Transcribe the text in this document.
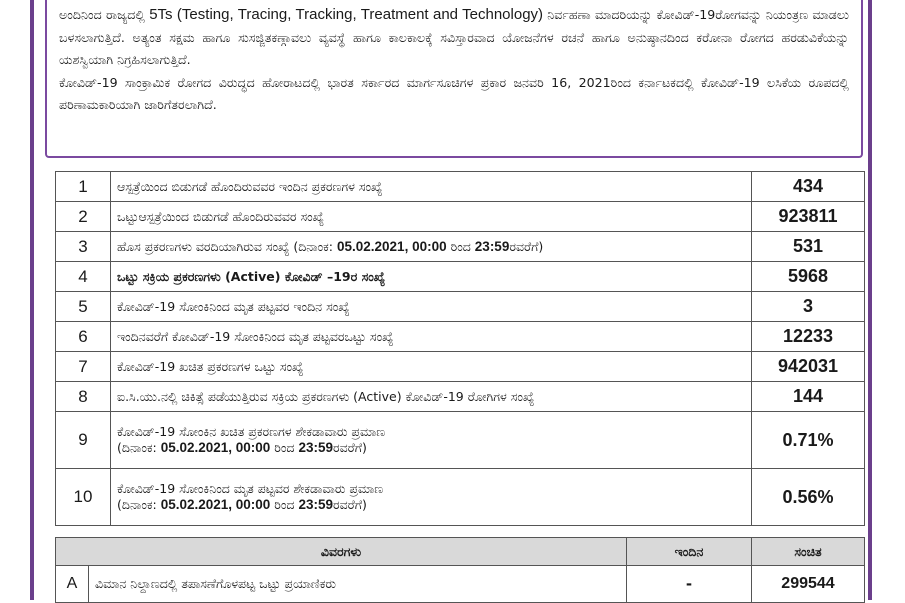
ಅಂದಿನಿಂದ ರಾಜ್ಯದಲ್ಲಿ 5Ts (Testing, Tracing, Tracking, Treatment and Technology) ನಿರ್ವಹಣಾ ಮಾದರಿಯನ್ನು ಕೋವಿಡ್-19ರೋಗವನ್ನು ನಿಯಂತ್ರಣ ಮಾಡಲು ಬಳಸಲಾಗುತ್ತಿದೆ. ಅತ್ಯಂತ ಸಕ್ಷಮ ಹಾಗೂ ಸುಸಜ್ಜಿತಕಣ್ಗಾವಲು ವ್ಯವಸ್ಥೆ ಹಾಗೂ ಕಾಲಕಾಲಕ್ಕೆ ಸವಿಸ್ತಾರವಾದ ಯೋಜನೆಗಳ ರಚನೆ ಹಾಗೂ ಅನುಷ್ಠಾನದಿಂದ ಕರೋನಾ ರೋಗದ ಹರಡುವಿಕೆಯನ್ನು ಯಶಸ್ವಿಯಾಗಿ ನಿಗ್ರಹಿಸಲಾಗುತ್ತಿದೆ.

ಕೋವಿಡ್-19 ಸಾಂಕ್ರಾಮಿಕ ರೋಗದ ವಿರುದ್ಧದ ಹೋರಾಟದಲ್ಲಿ ಭಾರತ ಸರ್ಕಾರದ ಮಾರ್ಗಸೂಚಿಗಳ ಪ್ರಕಾರ ಜನವರಿ 16, 2021ರಿಂದ ಕರ್ನಾಟಕದಲ್ಲಿ ಕೋವಿಡ್-19 ಲಸಿಕೆಯ ರೂಪದಲ್ಲಿ ಪರಿಣಾಮಕಾರಿಯಾಗಿ ಜಾರಿಗೆತರಲಾಗಿದೆ.

1	ಆಸ್ಪತ್ರೆಯಿಂದ ಬಿಡುಗಡೆ ಹೊಂದಿರುವವರ ಇಂದಿನ ಪ್ರಕರಣಗಳ ಸಂಖ್ಯೆ	434
2	ಒಟ್ಟುಆಸ್ಪತ್ರೆಯಿಂದ ಬಿಡುಗಡೆ ಹೊಂದಿರುವವರ ಸಂಖ್ಯೆ	923811
3	ಹೊಸ ಪ್ರಕರಣಗಳು ವರದಿಯಾಗಿರುವ ಸಂಖ್ಯೆ (ದಿನಾಂಕ: 05.02.2021, 00:00 ರಿಂದ 23:59ರವರೆಗೆ)	531
4	ಒಟ್ಟು ಸಕ್ರಿಯ ಪ್ರಕರಣಗಳು (Active) ಕೋವಿಡ್ –19ರ ಸಂಖ್ಯೆ	5968
5	ಕೋವಿಡ್-19 ಸೋಂಕಿನಿಂದ ಮೃತ ಪಟ್ಟವರ ಇಂದಿನ ಸಂಖ್ಯೆ	3
6	ಇಂದಿನವರೆಗೆ ಕೋವಿಡ್-19 ಸೋಂಕಿನಿಂದ ಮೃತ ಪಟ್ಟವರಒಟ್ಟು ಸಂಖ್ಯೆ	12233
7	ಕೋವಿಡ್-19 ಖಚಿತ ಪ್ರಕರಣಗಳ ಒಟ್ಟು ಸಂಖ್ಯೆ	942031
8	ಐ.ಸಿ.ಯು.ನಲ್ಲಿ ಚಿಕಿತ್ಸೆ ಪಡೆಯುತ್ತಿರುವ ಸಕ್ರಿಯ ಪ್ರಕರಣಗಳು (Active) ಕೋವಿಡ್-19 ರೋಗಿಗಳ ಸಂಖ್ಯೆ	144
9	ಕೋವಿಡ್-19 ಸೋಂಕಿನ ಖಚಿತ ಪ್ರಕರಣಗಳ ಶೇಕಡಾವಾರು ಪ್ರಮಾಣ
(ದಿನಾಂಕ: 05.02.2021, 00:00 ರಿಂದ 23:59ರವರೆಗೆ)	0.71%
10	ಕೋವಿಡ್-19 ಸೋಂಕಿನಿಂದ ಮೃತ ಪಟ್ಟವರ ಶೇಕಡಾವಾರು ಪ್ರಮಾಣ
(ದಿನಾಂಕ: 05.02.2021, 00:00 ರಿಂದ 23:59ರವರೆಗೆ)	0.56%
ವಿವರಗಳು		ಇಂದಿನ	ಸಂಚಿತ
A	ವಿಮಾನ ನಿಲ್ದಾಣದಲ್ಲಿ ತಪಾಸಣೆಗೊಳಪಟ್ಟ ಒಟ್ಟು ಪ್ರಯಾಣಿಕರು	-	299544
